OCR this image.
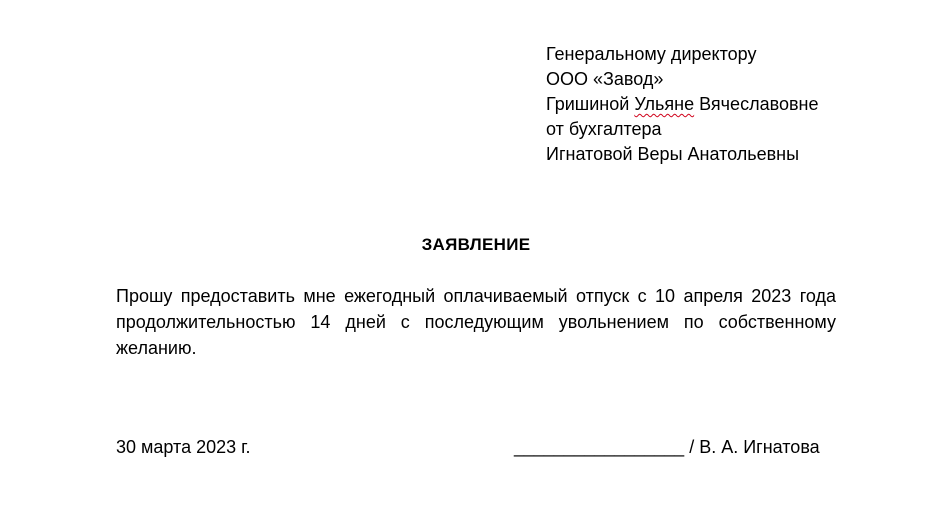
Генеральному директору
ООО «Завод»
Гришиной Ульяне Вячеславовне
от бухгалтера
Игнатовой Веры Анатольевны
ЗАЯВЛЕНИЕ
Прошу предоставить мне ежегодный оплачиваемый отпуск с 10 апреля 2023 года продолжительностью 14 дней с последующим увольнением по собственному желанию.
30 марта 2023 г.	_________________ / В. А. Игнатова
